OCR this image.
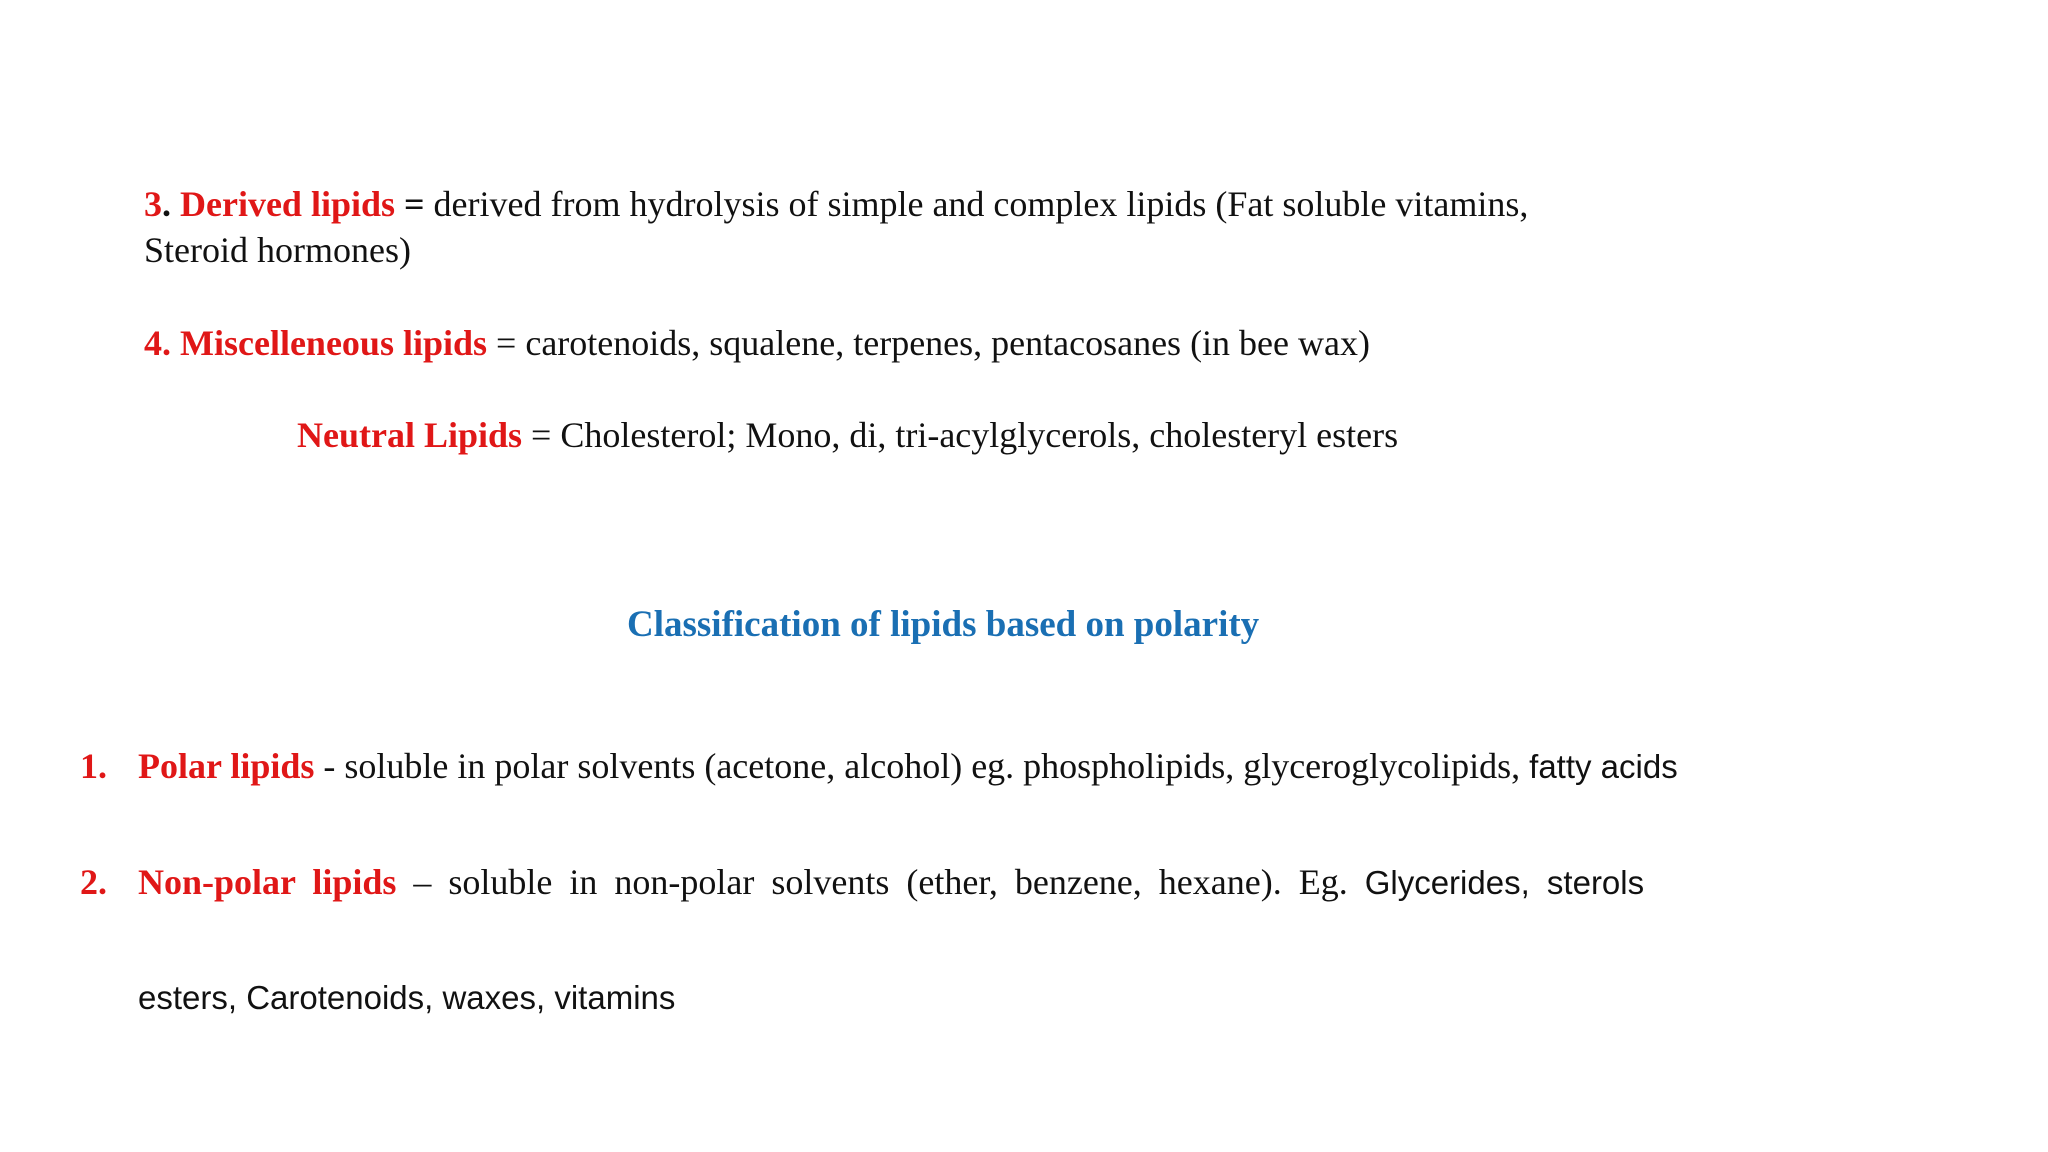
3. Derived lipids = derived from hydrolysis of simple and complex lipids (Fat soluble vitamins,
Steroid hormones)
4. Miscelleneous lipids = carotenoids, squalene, terpenes, pentacosanes (in bee wax)
Neutral Lipids = Cholesterol; Mono, di, tri-acylglycerols, cholesteryl esters
Classification of lipids based on polarity
1. Polar lipids - soluble in polar solvents (acetone, alcohol) eg. phospholipids, glyceroglycolipids, fatty acids
2. Non-polar lipids – soluble in non-polar solvents (ether, benzene, hexane). Eg. Glycerides, sterols
esters, Carotenoids, waxes, vitamins
